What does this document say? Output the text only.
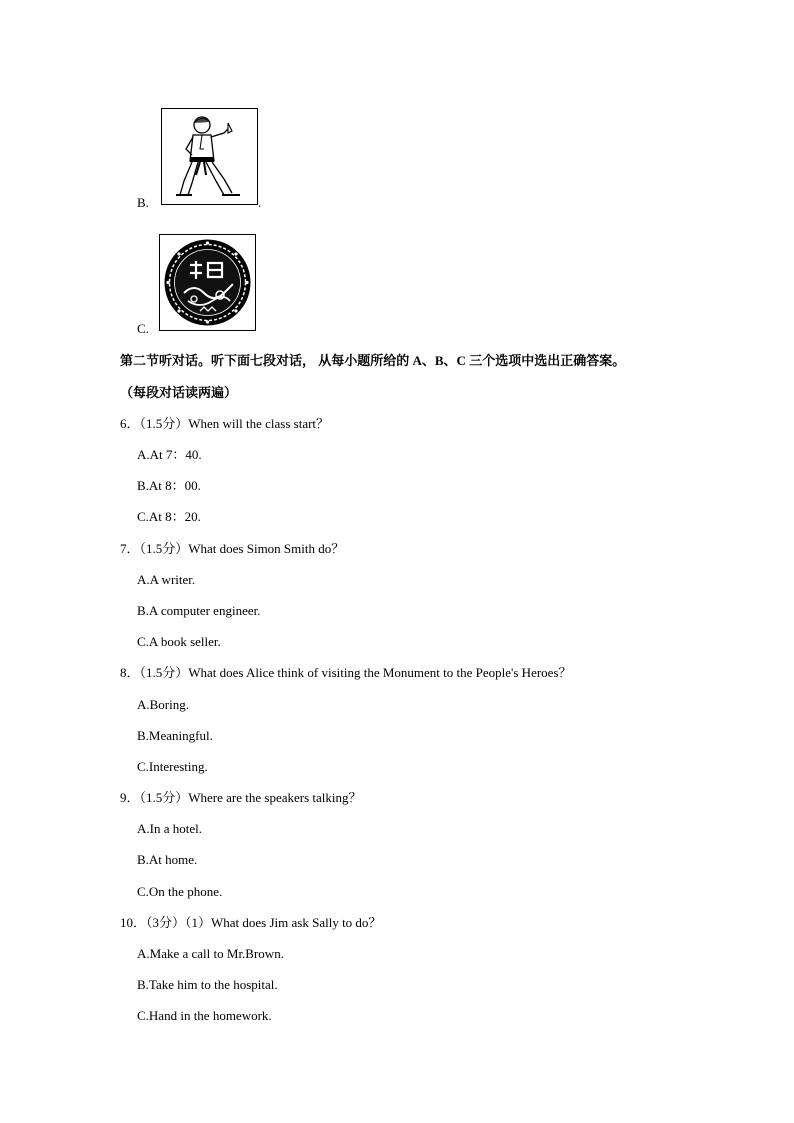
B.	.
C.
第二节听对话。听下面七段对话， 从每小题所给的 A、B、C 三个选项中选出正确答案。
（每段对话读两遍）
6．（1.5分）When will the class start？
A.At 7：40.
B.At 8：00.
C.At 8：20.
7．（1.5分）What does Simon Smith do？
A.A writer.
B.A computer engineer.
C.A book seller.
8．（1.5分）What does Alice think of visiting the Monument to the People's Heroes？
A.Boring.
B.Meaningful.
C.Interesting.
9．（1.5分）Where are the speakers talking？
A.In a hotel.
B.At home.
C.On the phone.
10．（3分）（1）What does Jim ask Sally to do？
A.Make a call to Mr.Brown.
B.Take him to the hospital.
C.Hand in the homework.
